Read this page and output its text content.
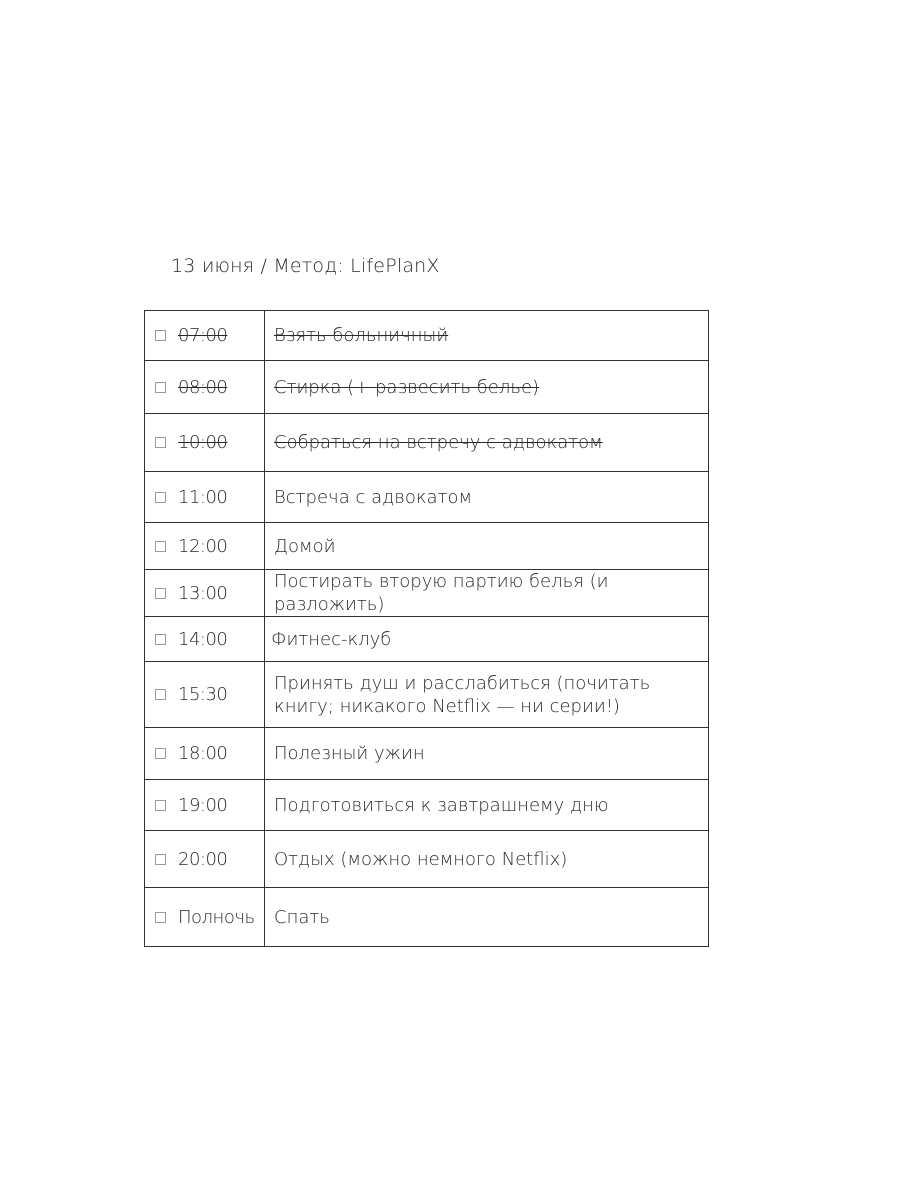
13 июня / Метод: LifePlanX
07:00	Взять больничный

08:00	Стирка (+ развесить белье)

10:00	Собраться на встречу с адвокатом

11:00	Встреча с адвокатом

12:00	Домой

13:00	Постирать вторую партию белья (и разложить)

14:00	Фитнес-клуб

15:30	Принять душ и расслабиться (почитать книгу; никакого Netflix — ни серии!)

18:00	Полезный ужин

19:00	Подготовиться к завтрашнему дню

20:00	Отдых (можно немного Netflix)

Полночь	Спать
